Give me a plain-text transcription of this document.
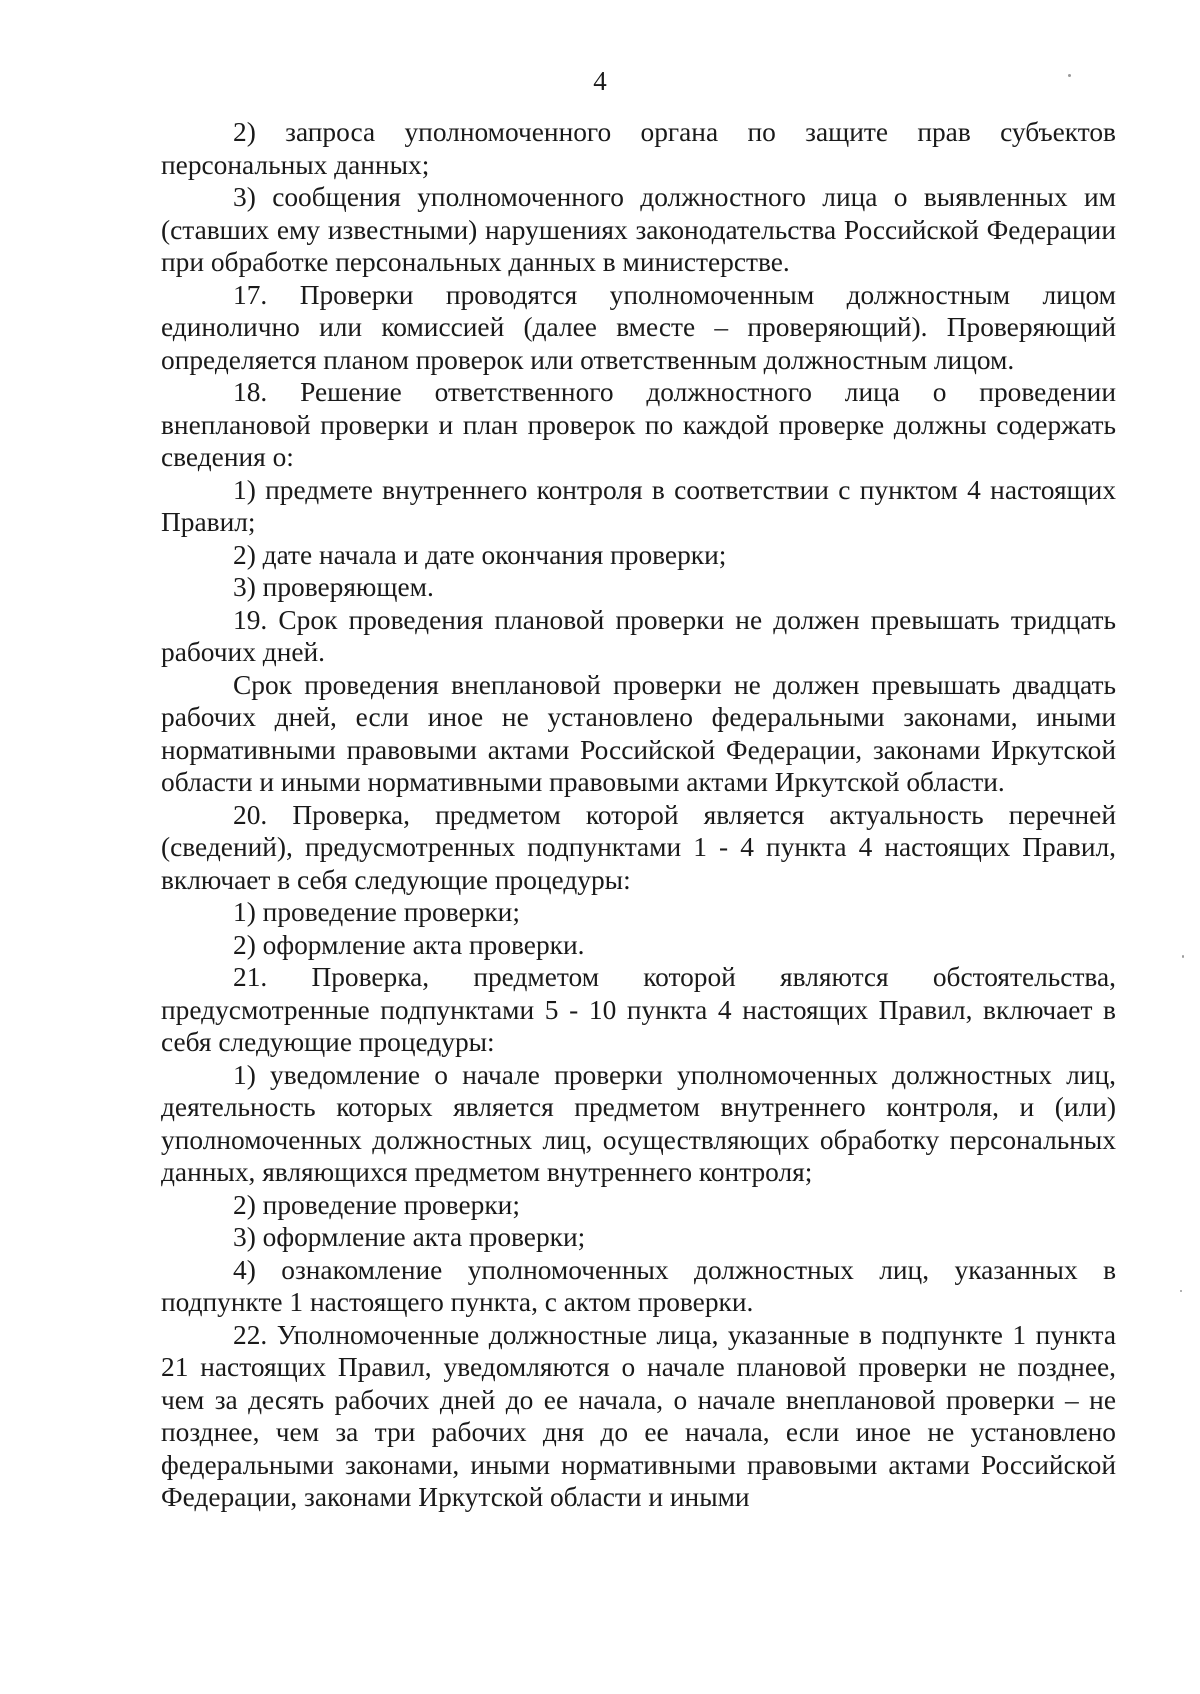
4

2) запроса уполномоченного органа по защите прав субъектов персональных данных;

3) сообщения уполномоченного должностного лица о выявленных им (ставших ему известными) нарушениях законодательства Российской Федерации при обработке персональных данных в министерстве.

17. Проверки проводятся уполномоченным должностным лицом единолично или комиссией (далее вместе – проверяющий). Проверяющий определяется планом проверок или ответственным должностным лицом.

18. Решение ответственного должностного лица о проведении внеплановой проверки и план проверок по каждой проверке должны содержать сведения о:

1) предмете внутреннего контроля в соответствии с пунктом 4 настоящих Правил;

2) дате начала и дате окончания проверки;

3) проверяющем.

19. Срок проведения плановой проверки не должен превышать тридцать рабочих дней.

Срок проведения внеплановой проверки не должен превышать двадцать рабочих дней, если иное не установлено федеральными законами, иными нормативными правовыми актами Российской Федерации, законами Иркутской области и иными нормативными правовыми актами Иркутской области.

20. Проверка, предметом которой является актуальность перечней (сведений), предусмотренных подпунктами 1 - 4 пункта 4 настоящих Правил, включает в себя следующие процедуры:

1) проведение проверки;

2) оформление акта проверки.

21. Проверка, предметом которой являются обстоятельства, предусмотренные подпунктами 5 - 10 пункта 4 настоящих Правил, включает в себя следующие процедуры:

1) уведомление о начале проверки уполномоченных должностных лиц, деятельность которых является предметом внутреннего контроля, и (или) уполномоченных должностных лиц, осуществляющих обработку персональных данных, являющихся предметом внутреннего контроля;

2) проведение проверки;

3) оформление акта проверки;

4) ознакомление уполномоченных должностных лиц, указанных в подпункте 1 настоящего пункта, с актом проверки.

22. Уполномоченные должностные лица, указанные в подпункте 1 пункта 21 настоящих Правил, уведомляются о начале плановой проверки не позднее, чем за десять рабочих дней до ее начала, о начале внеплановой проверки – не позднее, чем за три рабочих дня до ее начала, если иное не установлено федеральными законами, иными нормативными правовыми актами Российской Федерации, законами Иркутской области и иными
